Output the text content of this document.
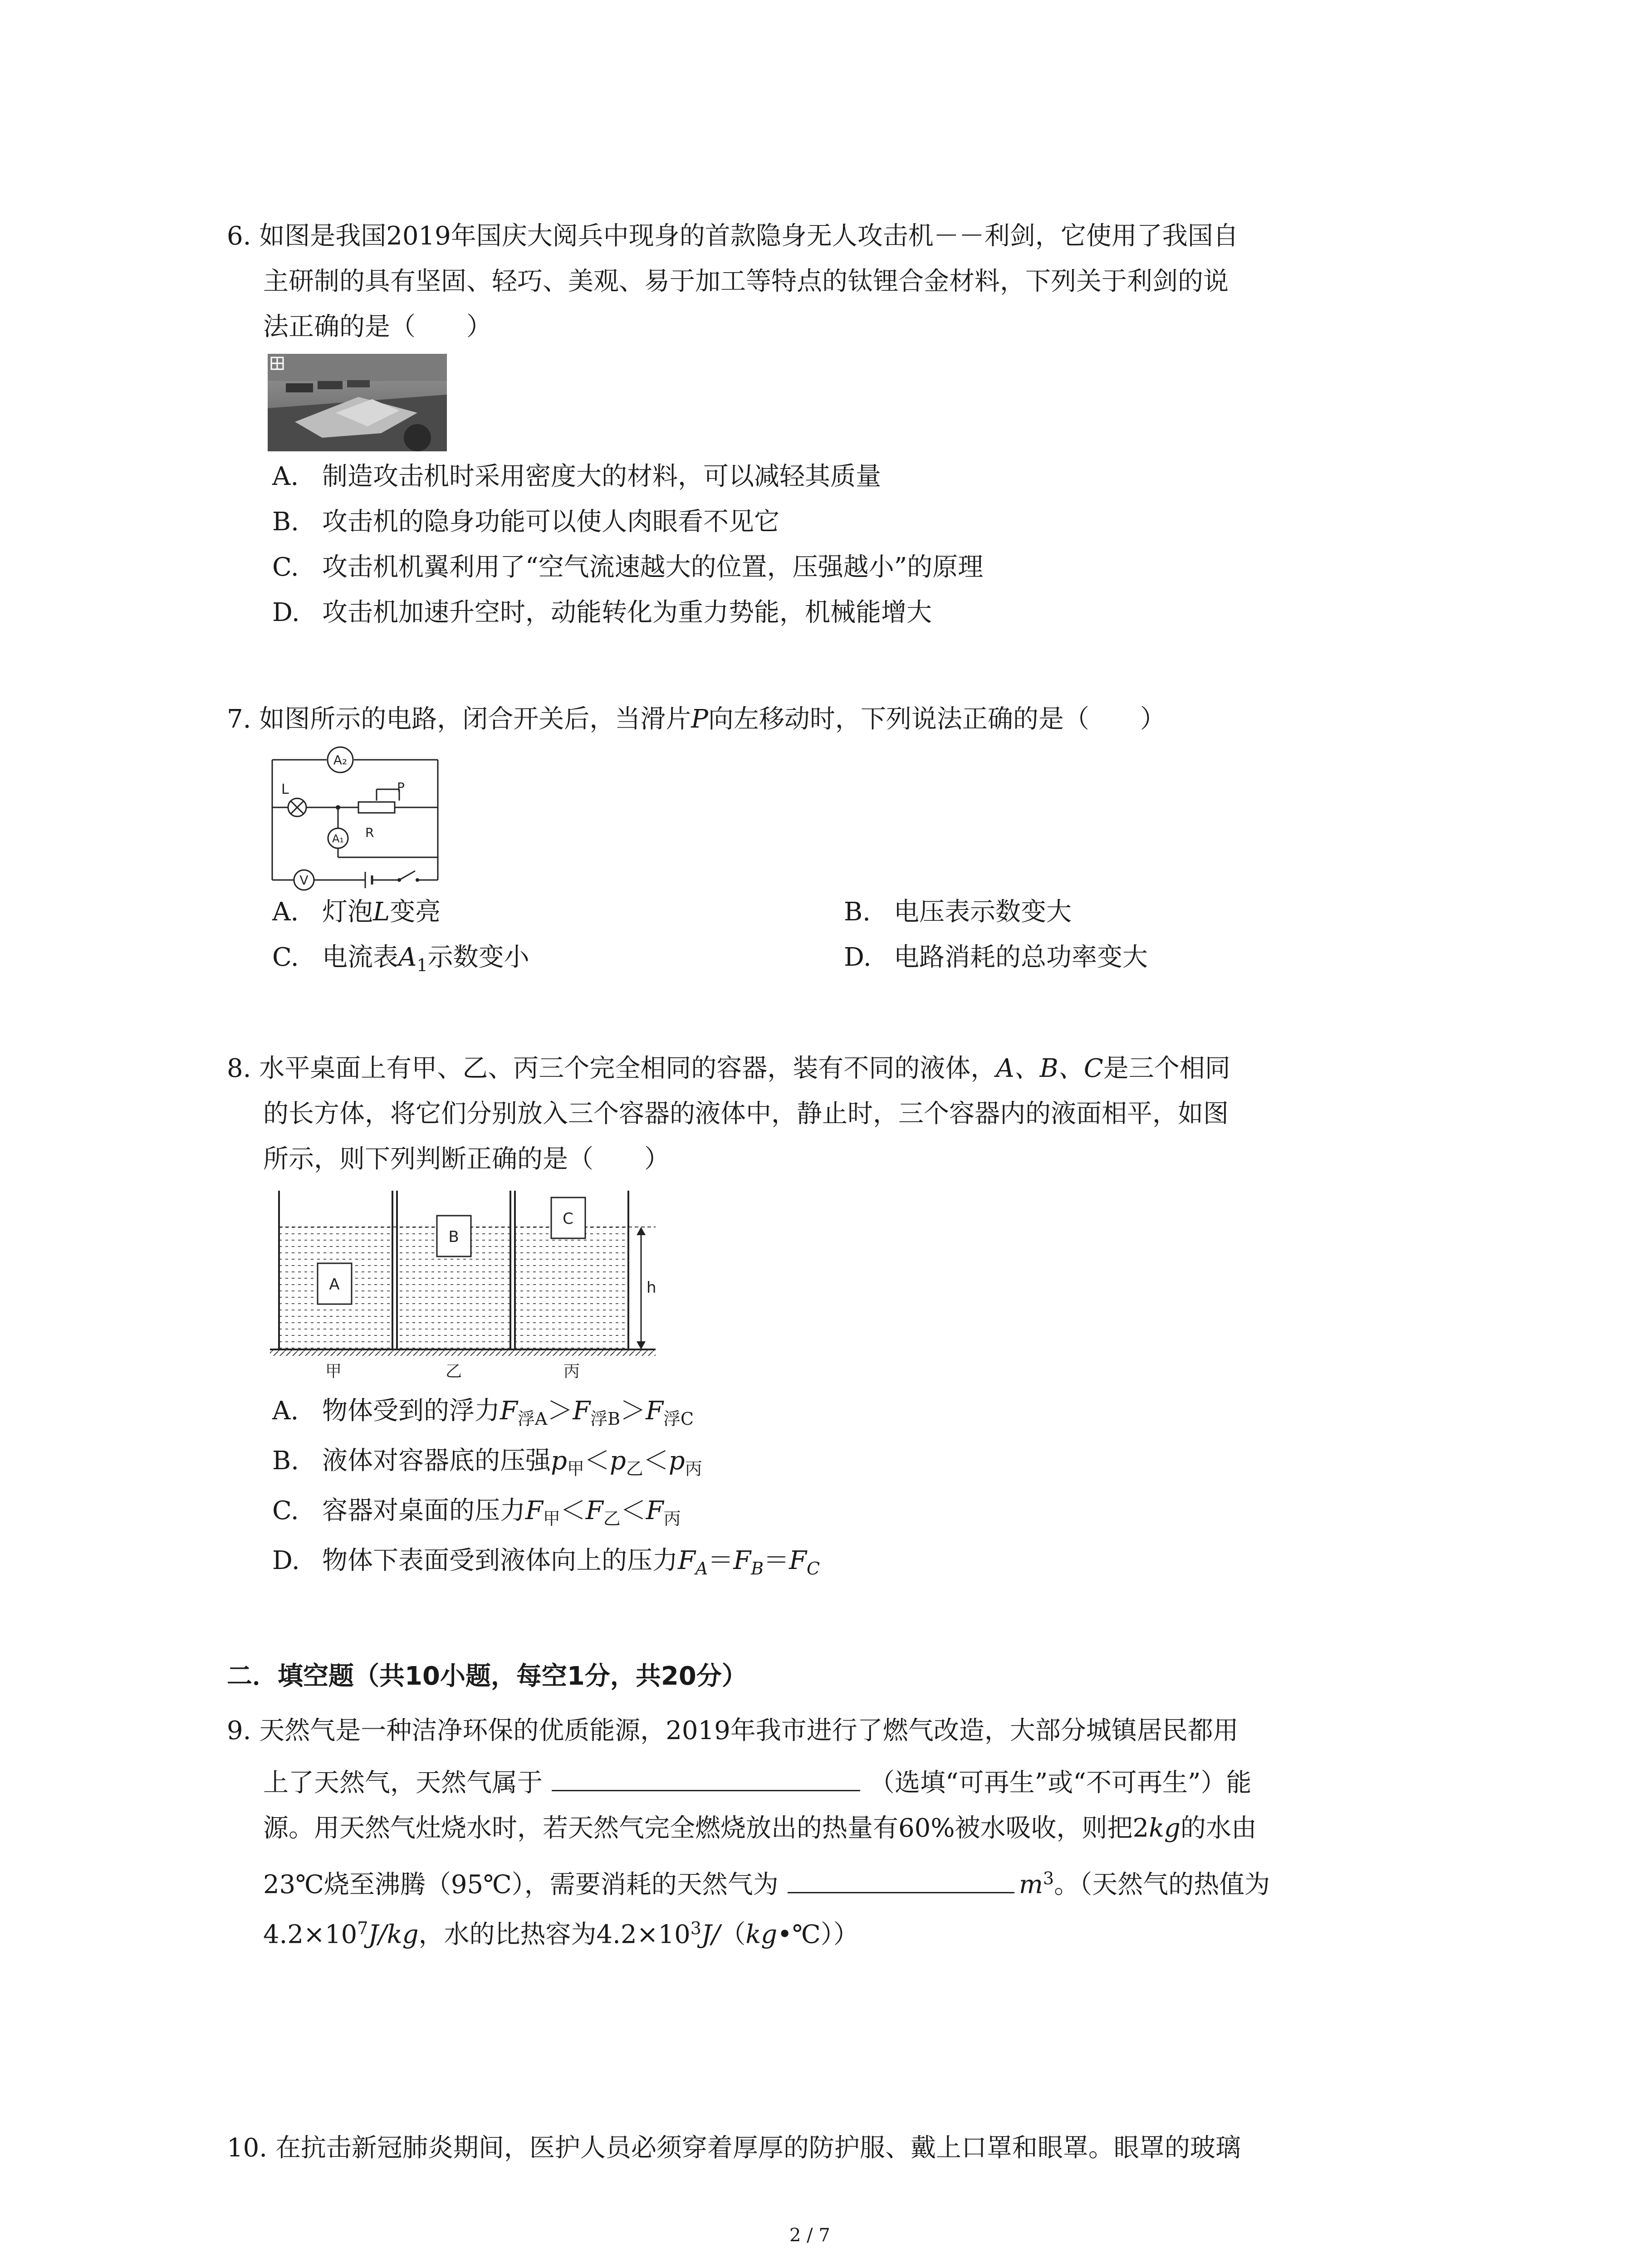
6. 如图是我国2019年国庆大阅兵中现身的首款隐身无人攻击机－－利剑，它使用了我国自
主研制的具有坚固、轻巧、美观、易于加工等特点的钛锂合金材料，下列关于利剑的说
法正确的是（　　）
A. 制造攻击机时采用密度大的材料，可以减轻其质量
B. 攻击机的隐身功能可以使人肉眼看不见它
C. 攻击机机翼利用了“空气流速越大的位置，压强越小”的原理
D. 攻击机加速升空时，动能转化为重力势能，机械能增大
7. 如图所示的电路，闭合开关后，当滑片P向左移动时，下列说法正确的是（　　）
A₂
L	P
R
A₁
V
A. 灯泡L变亮	B. 电压表示数变大
C. 电流表$A_1$示数变小	D. 电路消耗的总功率变大
8. 水平桌面上有甲、乙、丙三个完全相同的容器，装有不同的液体，A、B、C是三个相同
的长方体，将它们分别放入三个容器的液体中，静止时，三个容器内的液面相平，如图
所示，则下列判断正确的是（　　）
A
B
C
h
甲	乙	丙
A. 物体受到的浮力$F_{浮A}>F_{浮B}>F_{浮C}$
B. 液体对容器底的压强$p_甲<p_乙<p_丙$
C. 容器对桌面的压力$F_甲<F_乙<F_丙$
D. 物体下表面受到液体向上的压力$F_A=F_B=F_C$
二．填空题（共10小题，每空1分，共20分）
9. 天然气是一种洁净环保的优质能源，2019年我市进行了燃气改造，大部分城镇居民都用
上了天然气，天然气属于	（选填“可再生”或“不可再生”）能
源。用天然气灶烧水时，若天然气完全燃烧放出的热量有60%被水吸收，则把2kg的水由
23℃烧至沸腾（95℃），需要消耗的天然气为	$m^3$。（天然气的热值为
$4.2\times 10^7J/kg$，水的比热容为$4.2\times 10^3J/(kg•℃)$）
10. 在抗击新冠肺炎期间，医护人员必须穿着厚厚的防护服、戴上口罩和眼罩。眼罩的玻璃
2 / 7
